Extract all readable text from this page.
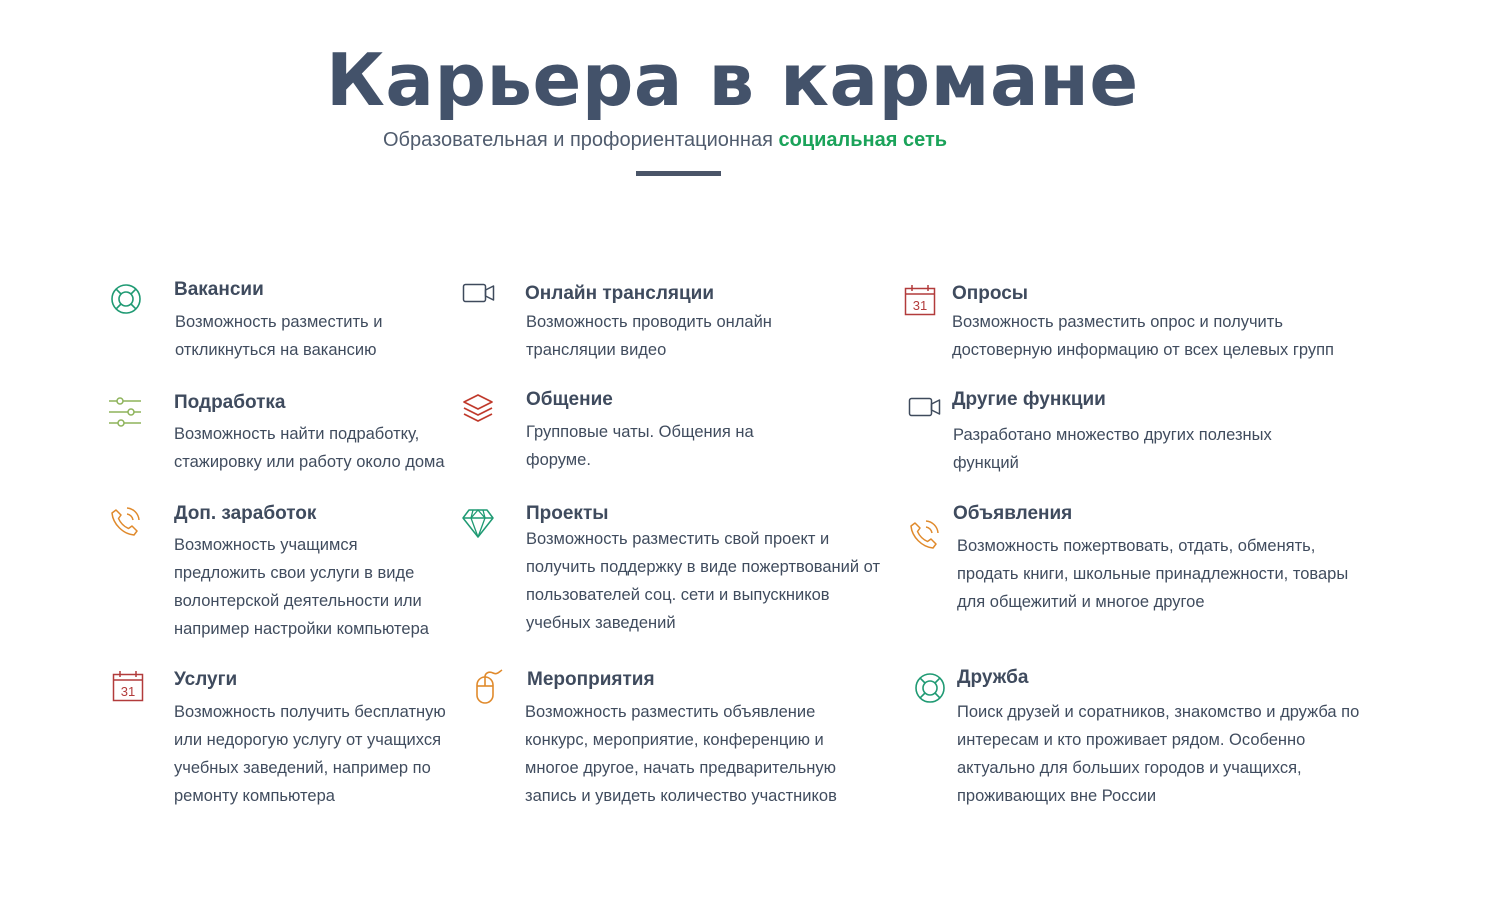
Карьера в кармане
Образовательная и профориентационная социальная сеть
Вакансии
Возможность разместить и откликнуться на вакансию
Онлайн трансляции
Возможность проводить онлайн трансляции видео
31
Опросы
Возможность разместить опрос и получить достоверную информацию от всех целевых групп
Подработка
Возможность найти подработку, стажировку или работу около дома
Общение
Групповые чаты. Общения на форуме.
Другие функции
Разработано множество других полезных функций
Доп. заработок
Возможность учащимся предложить свои услуги в виде волонтерской деятельности или например настройки компьютера
Проекты
Возможность разместить свой проект и получить поддержку в виде пожертвований от пользователей соц. сети и выпускников учебных заведений
Объявления
Возможность пожертвовать, отдать, обменять, продать книги, школьные принадлежности, товары для общежитий и многое другое
31
Услуги
Возможность получить бесплатную или недорогую услугу от учащихся учебных заведений, например по ремонту компьютера
Мероприятия
Возможность разместить объявление конкурс, мероприятие, конференцию и многое другое, начать предварительную запись и увидеть количество участников
Дружба
Поиск друзей и соратников, знакомство и дружба по интересам и кто проживает рядом. Особенно актуально для больших городов и учащихся, проживающих вне России
